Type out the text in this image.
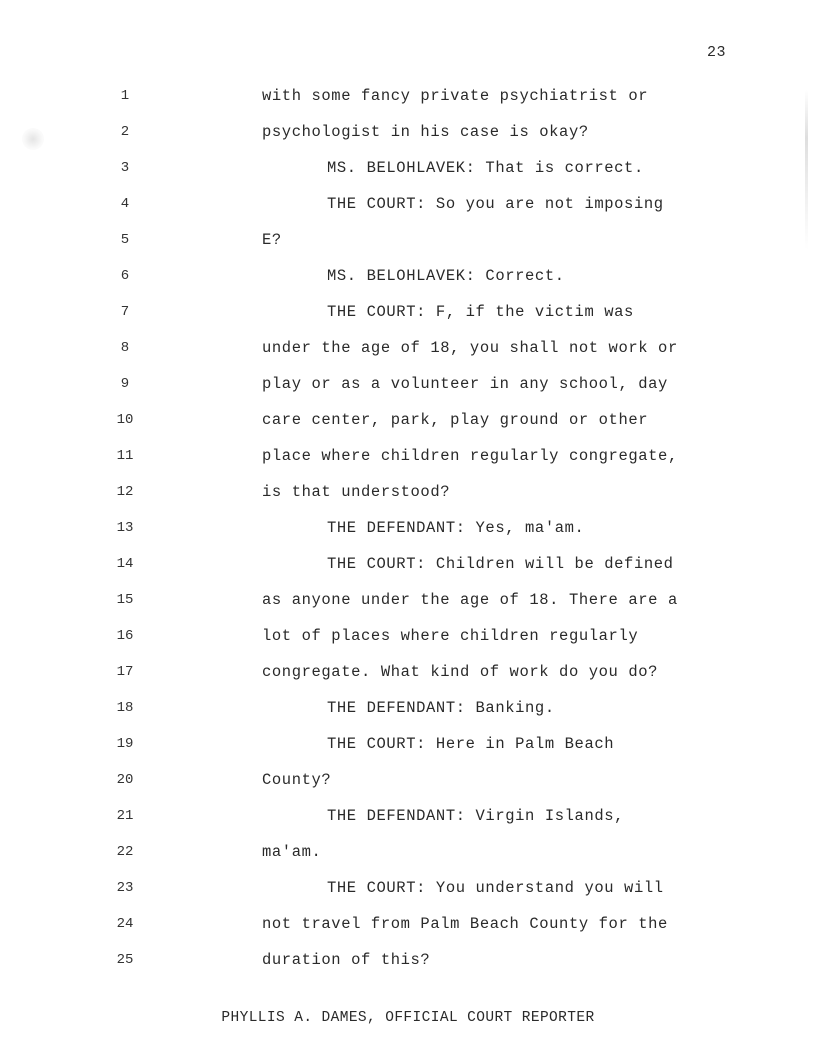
23
1	with some fancy private psychiatrist or
2	psychologist in his case is okay?
3	MS. BELOHLAVEK: That is correct.
4	THE COURT: So you are not imposing
5	E?
6	MS. BELOHLAVEK: Correct.
7	THE COURT: F, if the victim was
8	under the age of 18, you shall not work or
9	play or as a volunteer in any school, day
10	care center, park, play ground or other
11	place where children regularly congregate,
12	is that understood?
13	THE DEFENDANT: Yes, ma'am.
14	THE COURT: Children will be defined
15	as anyone under the age of 18. There are a
16	lot of places where children regularly
17	congregate. What kind of work do you do?
18	THE DEFENDANT: Banking.
19	THE COURT: Here in Palm Beach
20	County?
21	THE DEFENDANT: Virgin Islands,
22	ma'am.
23	THE COURT: You understand you will
24	not travel from Palm Beach County for the
25	duration of this?
PHYLLIS A. DAMES, OFFICIAL COURT REPORTER
